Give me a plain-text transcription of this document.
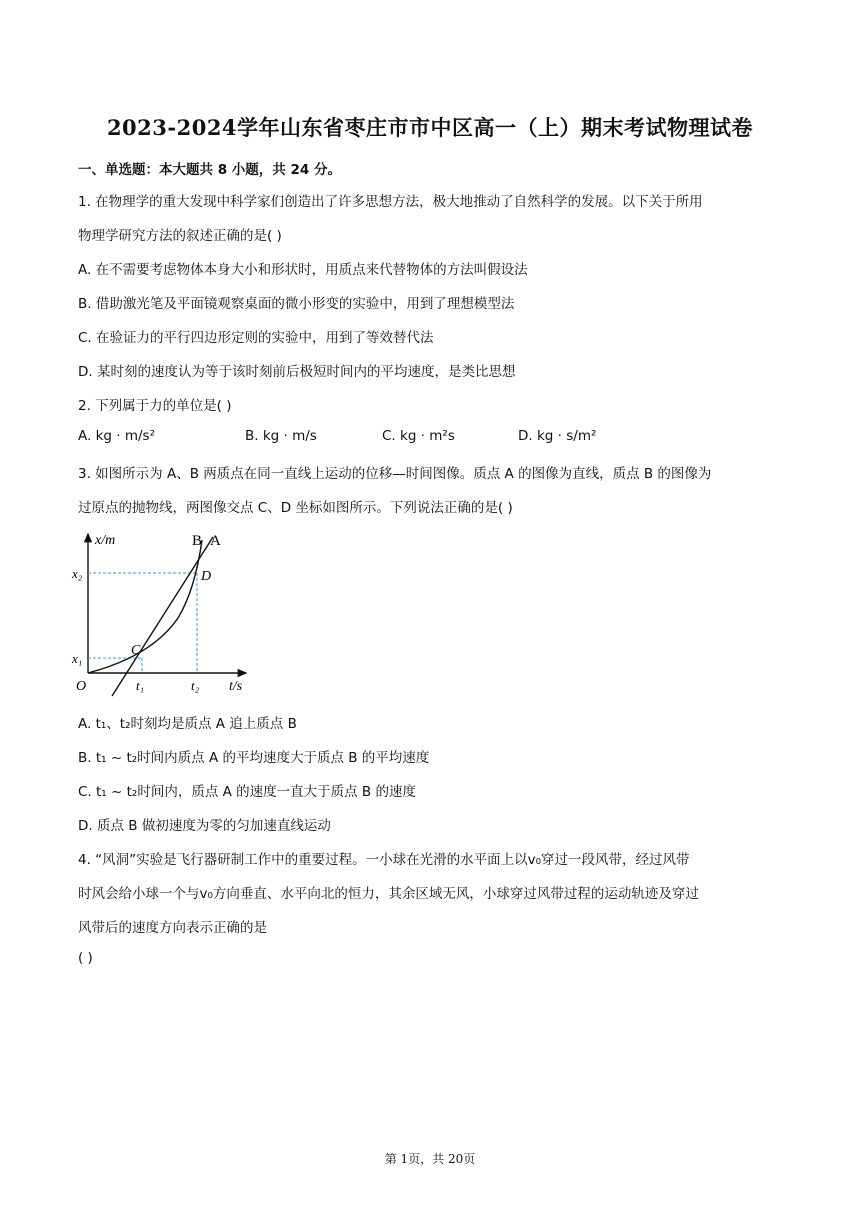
2023-2024学年山东省枣庄市市中区高一（上）期末考试物理试卷
一、单选题：本大题共 8 小题，共 24 分。
1. 在物理学的重大发现中科学家们创造出了许多思想方法，极大地推动了自然科学的发展。以下关于所用
物理学研究方法的叙述正确的是( )
A. 在不需要考虑物体本身大小和形状时，用质点来代替物体的方法叫假设法
B. 借助激光笔及平面镜观察桌面的微小形变的实验中，用到了理想模型法
C. 在验证力的平行四边形定则的实验中，用到了等效替代法
D. 某时刻的速度认为等于该时刻前后极短时间内的平均速度，是类比思想
2. 下列属于力的单位是( )
A. kg · m/s²	B. kg · m/s	C. kg · m²s	D. kg · s/m²
3. 如图所示为 A、B 两质点在同一直线上运动的位移—时间图像。质点 A 的图像为直线，质点 B 的图像为
过原点的抛物线，两图像交点 C、D 坐标如图所示。下列说法正确的是( )
x/m
t/s
O
B A
C
D
x₂
x₁
t₁	t₂
A. t₁、t₂时刻均是质点 A 追上质点 B
B. t₁ ~ t₂时间内质点 A 的平均速度大于质点 B 的平均速度
C. t₁ ~ t₂时间内，质点 A 的速度一直大于质点 B 的速度
D. 质点 B 做初速度为零的匀加速直线运动
4. “风洞”实验是飞行器研制工作中的重要过程。一小球在光滑的水平面上以v₀穿过一段风带，经过风带
时风会给小球一个与v₀方向垂直、水平向北的恒力，其余区域无风，小球穿过风带过程的运动轨迹及穿过
风带后的速度方向表示正确的是
( )
第 1页，共 20页
